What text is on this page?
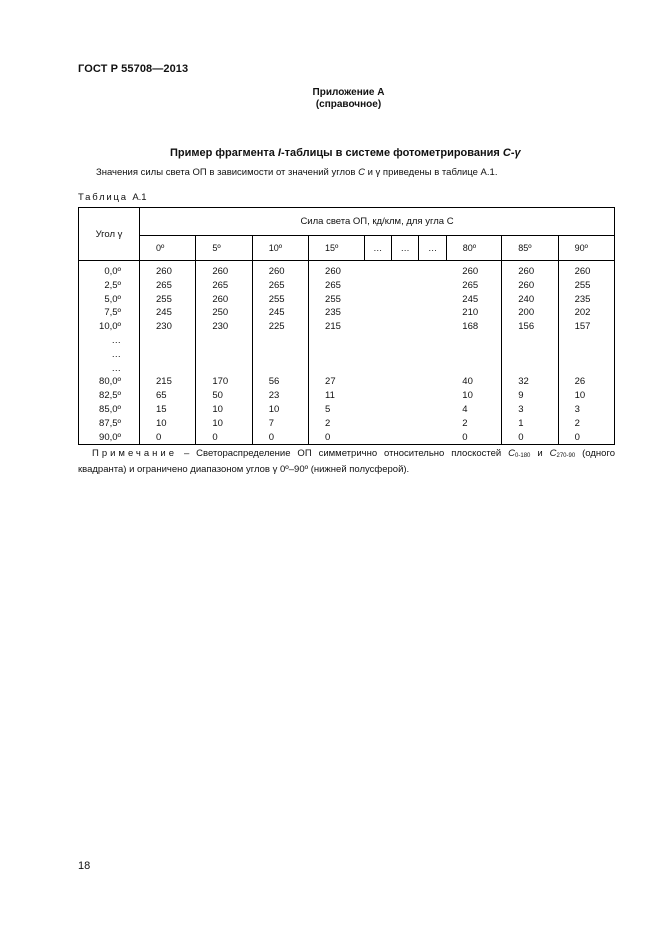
ГОСТ Р 55708—2013
Приложение А
(справочное)
Пример фрагмента I-таблицы в системе фотометрирования C-γ
Значения силы света ОП в зависимости от значений углов C и γ приведены в таблице А.1.
Таблица А.1
Угол γ	Сила света ОП, кд/клм, для угла C									
	0º	5º	10º	15º	…	…	…	80º	85º	90º
0,0º	260	260	260	260				260	260	260
2,5º	265	265	265	265				265	260	255
5,0º	255	260	255	255				245	240	235
7,5º	245	250	245	235				210	200	202
10,0º	230	230	225	215				168	156	157
…										
…										
…										
80,0º	215	170	56	27				40	32	26
82,5º	65	50	23	11				10	9	10
85,0º	15	10	10	5				4	3	3
87,5º	10	10	7	2				2	1	2
90,0º	0	0	0	0				0	0	0
Примечание – Светораспределение ОП симметрично относительно плоскостей $C_{0-180}$ и $C_{270-90}$ (одного квадранта) и ограничено диапазоном углов γ 0º–90º (нижней полусферой).
18
